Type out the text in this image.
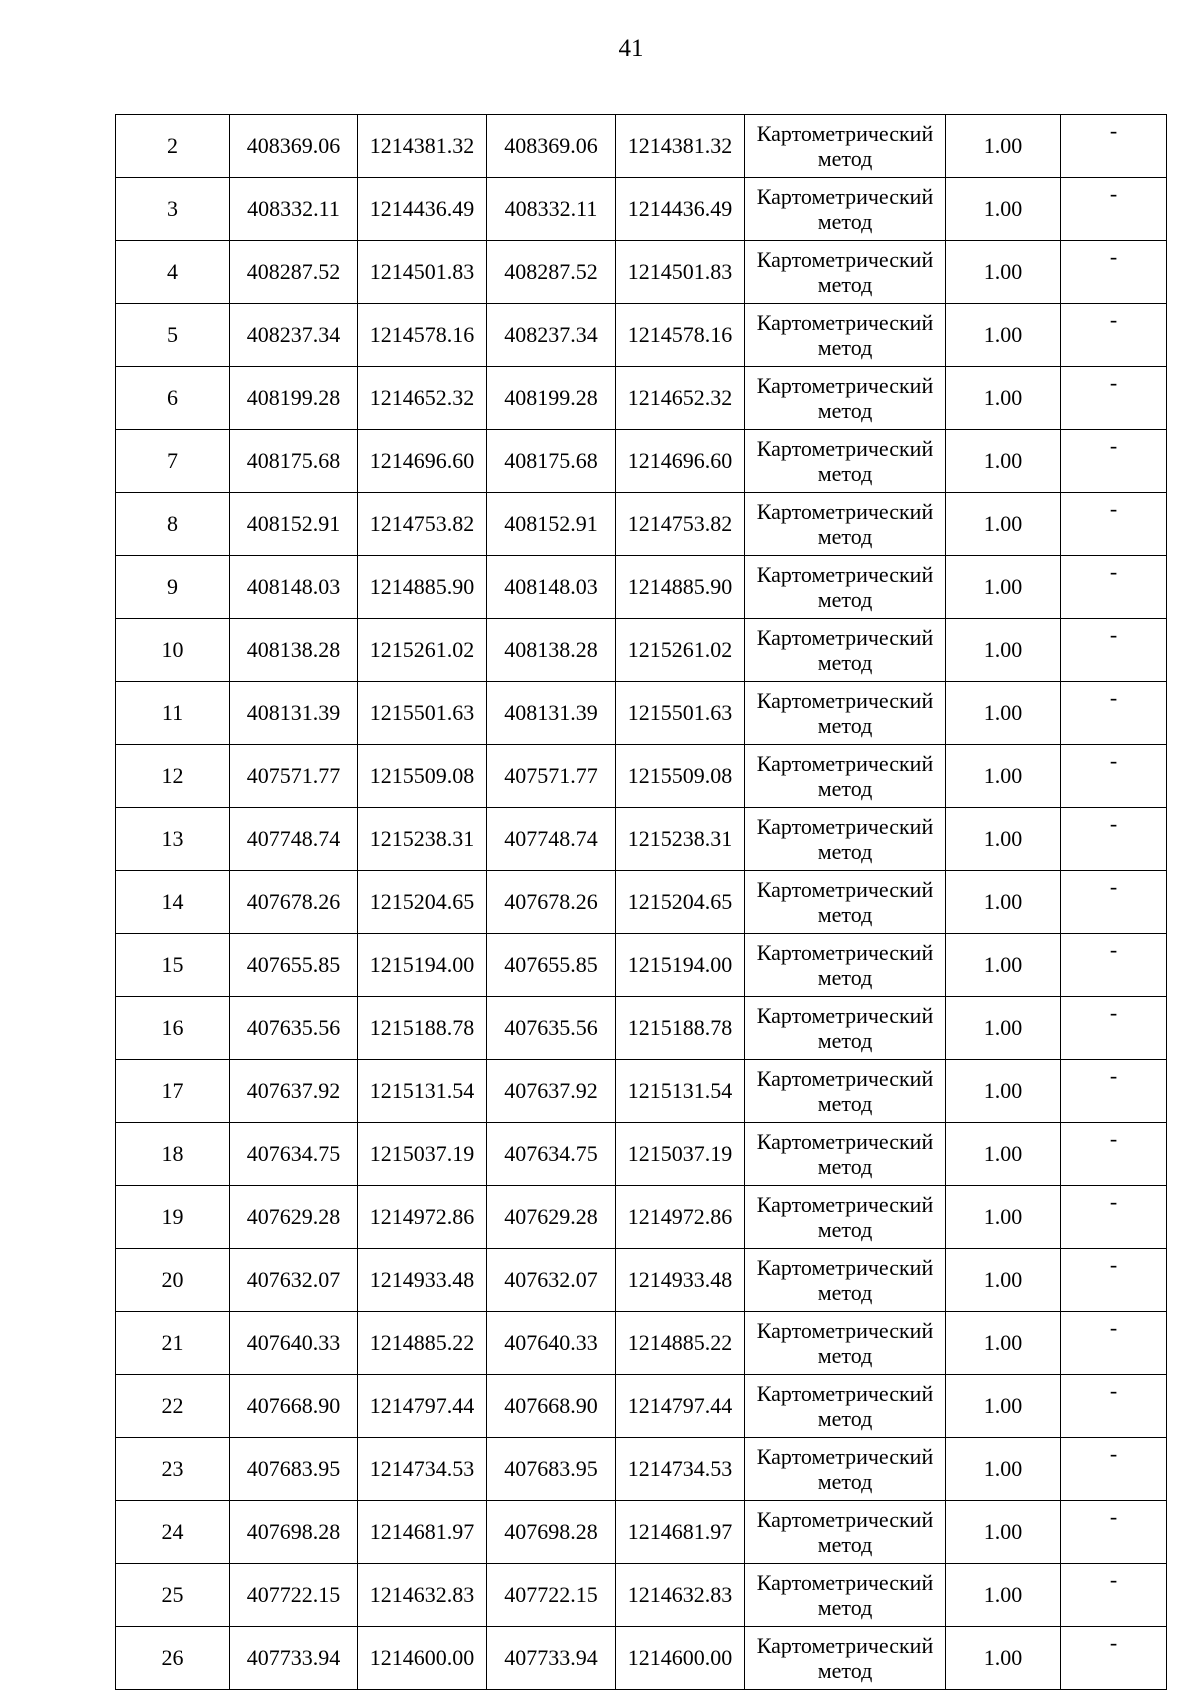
41
2	408369.06	1214381.32	408369.06	1214381.32	Картометрический метод	1.00	-
3	408332.11	1214436.49	408332.11	1214436.49	Картометрический метод	1.00	-
4	408287.52	1214501.83	408287.52	1214501.83	Картометрический метод	1.00	-
5	408237.34	1214578.16	408237.34	1214578.16	Картометрический метод	1.00	-
6	408199.28	1214652.32	408199.28	1214652.32	Картометрический метод	1.00	-
7	408175.68	1214696.60	408175.68	1214696.60	Картометрический метод	1.00	-
8	408152.91	1214753.82	408152.91	1214753.82	Картометрический метод	1.00	-
9	408148.03	1214885.90	408148.03	1214885.90	Картометрический метод	1.00	-
10	408138.28	1215261.02	408138.28	1215261.02	Картометрический метод	1.00	-
11	408131.39	1215501.63	408131.39	1215501.63	Картометрический метод	1.00	-
12	407571.77	1215509.08	407571.77	1215509.08	Картометрический метод	1.00	-
13	407748.74	1215238.31	407748.74	1215238.31	Картометрический метод	1.00	-
14	407678.26	1215204.65	407678.26	1215204.65	Картометрический метод	1.00	-
15	407655.85	1215194.00	407655.85	1215194.00	Картометрический метод	1.00	-
16	407635.56	1215188.78	407635.56	1215188.78	Картометрический метод	1.00	-
17	407637.92	1215131.54	407637.92	1215131.54	Картометрический метод	1.00	-
18	407634.75	1215037.19	407634.75	1215037.19	Картометрический метод	1.00	-
19	407629.28	1214972.86	407629.28	1214972.86	Картометрический метод	1.00	-
20	407632.07	1214933.48	407632.07	1214933.48	Картометрический метод	1.00	-
21	407640.33	1214885.22	407640.33	1214885.22	Картометрический метод	1.00	-
22	407668.90	1214797.44	407668.90	1214797.44	Картометрический метод	1.00	-
23	407683.95	1214734.53	407683.95	1214734.53	Картометрический метод	1.00	-
24	407698.28	1214681.97	407698.28	1214681.97	Картометрический метод	1.00	-
25	407722.15	1214632.83	407722.15	1214632.83	Картометрический метод	1.00	-
26	407733.94	1214600.00	407733.94	1214600.00	Картометрический метод	1.00	-
